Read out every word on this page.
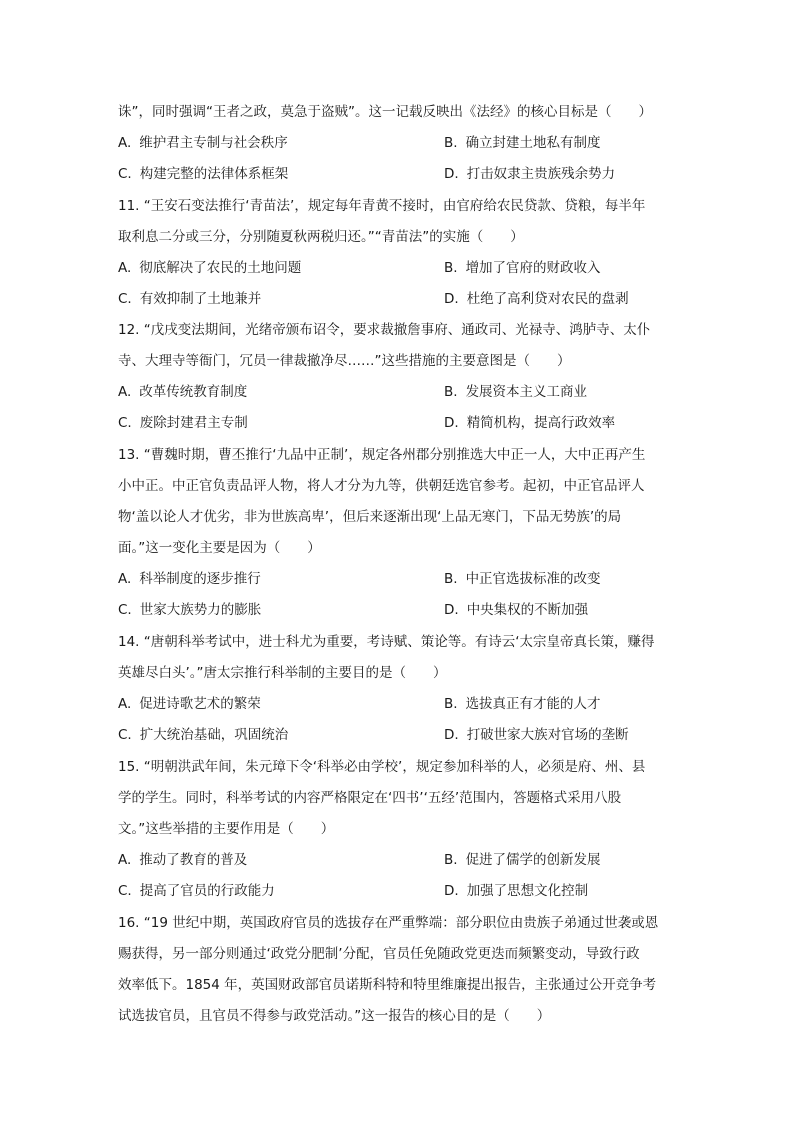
诛”，同时强调“王者之政，莫急于盗贼”。这一记载反映出《法经》的核心目标是（　　）
A. 维护君主专制与社会秩序	B. 确立封建土地私有制度
C. 构建完整的法律体系框架	D. 打击奴隶主贵族残余势力
11. “王安石变法推行‘青苗法’，规定每年青黄不接时，由官府给农民贷款、贷粮，每半年
取利息二分或三分，分别随夏秋两税归还。”“青苗法”的实施（　　）
A. 彻底解决了农民的土地问题	B. 增加了官府的财政收入
C. 有效抑制了土地兼并	D. 杜绝了高利贷对农民的盘剥
12. “戊戌变法期间，光绪帝颁布诏令，要求裁撤詹事府、通政司、光禄寺、鸿胪寺、太仆
寺、大理寺等衙门，冗员一律裁撤净尽……”这些措施的主要意图是（　　）
A. 改革传统教育制度	B. 发展资本主义工商业
C. 废除封建君主专制	D. 精简机构，提高行政效率
13. “曹魏时期，曹丕推行‘九品中正制’，规定各州郡分别推选大中正一人，大中正再产生
小中正。中正官负责品评人物，将人才分为九等，供朝廷选官参考。起初，中正官品评人
物‘盖以论人才优劣，非为世族高卑’，但后来逐渐出现‘上品无寒门，下品无势族’的局
面。”这一变化主要是因为（　　）
A. 科举制度的逐步推行	B. 中正官选拔标准的改变
C. 世家大族势力的膨胀	D. 中央集权的不断加强
14. “唐朝科举考试中，进士科尤为重要，考诗赋、策论等。有诗云‘太宗皇帝真长策，赚得
英雄尽白头’。”唐太宗推行科举制的主要目的是（　　）
A. 促进诗歌艺术的繁荣	B. 选拔真正有才能的人才
C. 扩大统治基础，巩固统治	D. 打破世家大族对官场的垄断
15. “明朝洪武年间，朱元璋下令‘科举必由学校’，规定参加科举的人，必须是府、州、县
学的学生。同时，科举考试的内容严格限定在‘四书’‘五经’范围内，答题格式采用八股
文。”这些举措的主要作用是（　　）
A. 推动了教育的普及	B. 促进了儒学的创新发展
C. 提高了官员的行政能力	D. 加强了思想文化控制
16. “19 世纪中期，英国政府官员的选拔存在严重弊端：部分职位由贵族子弟通过世袭或恩
赐获得，另一部分则通过‘政党分肥制’分配，官员任免随政党更迭而频繁变动，导致行政
效率低下。1854 年，英国财政部官员诺斯科特和特里维廉提出报告，主张通过公开竞争考
试选拔官员，且官员不得参与政党活动。”这一报告的核心目的是（　　）
